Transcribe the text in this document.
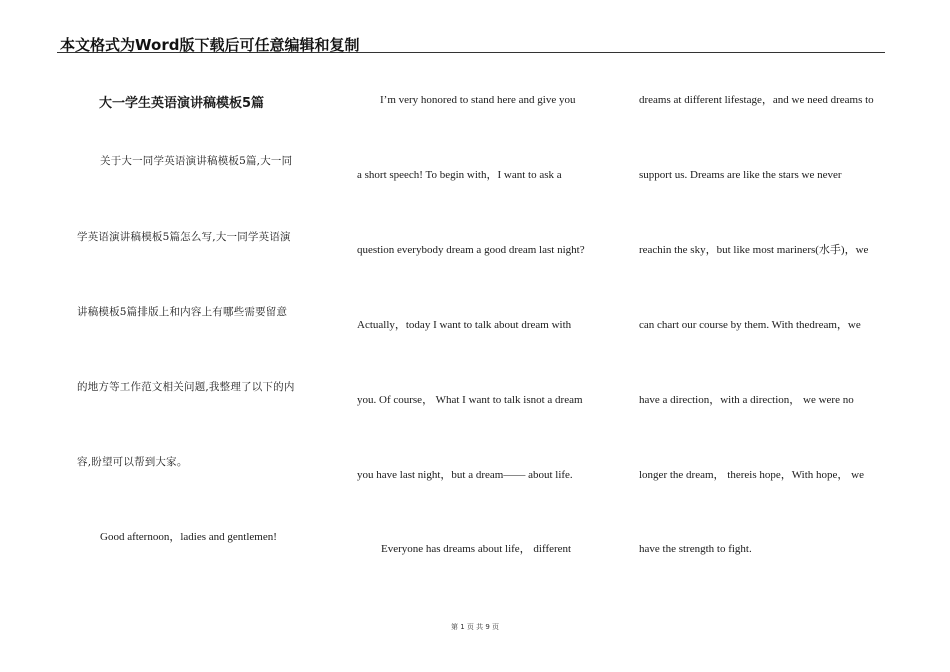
本文格式为Word版下载后可任意编辑和复制
大一学生英语演讲稿模板5篇
关于大一同学英语演讲稿模板5篇,大一同
学英语演讲稿模板5篇怎么写,大一同学英语演
讲稿模板5篇排版上和内容上有哪些需要留意
的地方等工作范文相关问题,我整理了以下的内
容,盼望可以帮到大家。
Good afternoon，ladies and gentlemen!
I’m very honored to stand here and give you
a short speech! To begin with，I want to ask a
question everybody dream a good dream last night?
Actually，today I want to talk about dream with
you. Of course， What I want to talk isnot a dream
you have last night，but a dream—— about life.
Everyone has dreams about life， different
dreams at different lifestage，and we need dreams to
support us. Dreams are like the stars we never
reachin the sky，but like most mariners(水手)，we
can chart our course by them. With thedream，we
have a direction，with a direction， we were no
longer the dream， thereis hope，With hope， we
have the strength to fight.
第 1 页 共 9 页
